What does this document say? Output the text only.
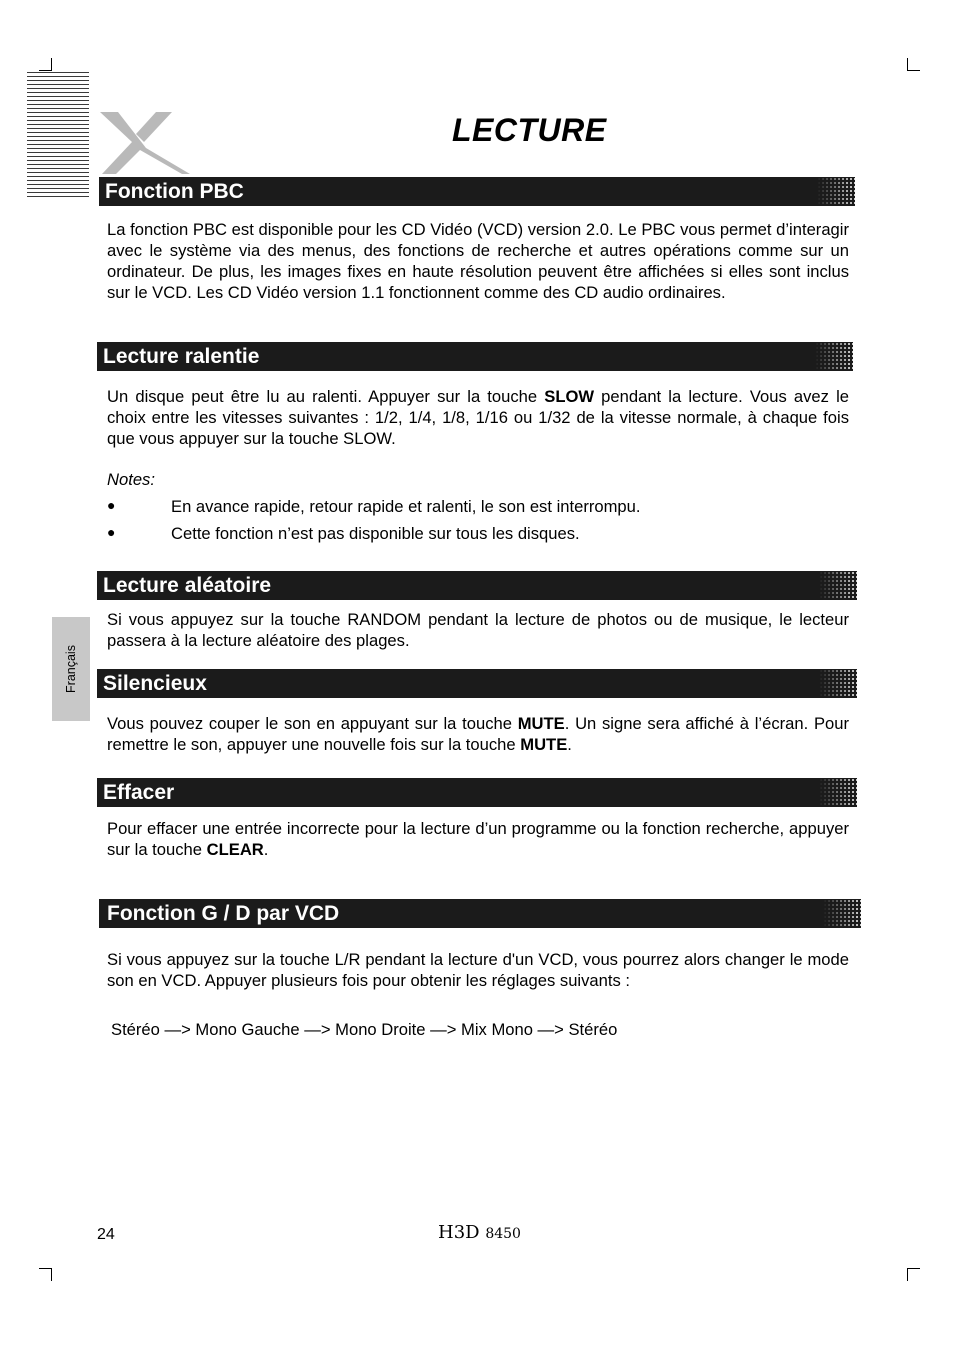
LECTURE
Fonction PBC
La fonction PBC est disponible pour les CD Vidéo (VCD) version 2.0. Le PBC vous permet d’interagir avec le système via des menus, des fonctions de recherche et autres opérations comme sur un ordinateur. De plus, les images fixes en haute résolution peuvent être affichées si elles sont inclus sur le VCD. Les CD Vidéo version 1.1 fonctionnent comme des CD audio ordinaires.
Lecture ralentie
Un disque peut être lu au ralenti. Appuyer sur la touche SLOW pendant la lecture. Vous avez le choix entre les vitesses suivantes : 1/2, 1/4, 1/8, 1/16 ou 1/32 de la vitesse normale, à chaque fois que vous appuyer sur la touche SLOW.
Notes:
●	En avance rapide, retour rapide et ralenti, le son est interrompu.
●	Cette fonction n’est pas disponible sur tous les disques.
Lecture aléatoire
Si vous appuyez sur la touche RANDOM pendant la lecture de photos ou de musique, le lecteur passera à la lecture aléatoire des plages.
Français Silencieux
Vous pouvez couper le son en appuyant sur la touche MUTE. Un signe sera affiché à l’écran. Pour remettre le son, appuyer une nouvelle fois sur la touche MUTE.
Effacer
Pour effacer une entrée incorrecte pour la lecture d’un programme ou la fonction recherche, appuyer sur la touche CLEAR.
Fonction G / D par VCD
Si vous appuyez sur la touche L/R pendant la lecture d'un VCD, vous pourrez alors changer le mode son en VCD. Appuyer plusieurs fois pour obtenir les réglages suivants :
Stéréo —> Mono Gauche —> Mono Droite —> Mix Mono —> Stéréo
24	H3D 8450
